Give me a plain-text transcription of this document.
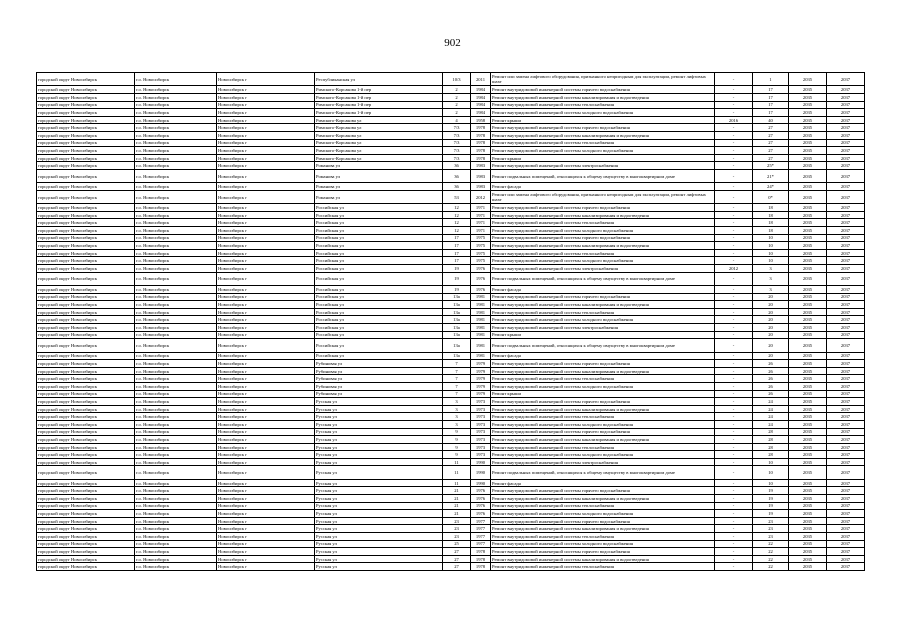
902
городской округ Новосибирск	г.о. Новосибирск	Новосибирск г	Республиканская ул	10/3	2011	Ремонт или замена лифтового оборудования, признанного непригодным для эксплуатации, ремонт лифтовых шахт	-	1	2035	2037
городской округ Новосибирск	г.о. Новосибирск	Новосибирск г	Римского-Корсакова 1-й пер	2	1984	Ремонт внутридомовой инженерной системы горячего водоснабжения	-	17	2035	2037
городской округ Новосибирск	г.о. Новосибирск	Новосибирск г	Римского-Корсакова 1-й пер	2	1984	Ремонт внутридомовой инженерной системы канализирования и водоотведения	-	17	2035	2037
городской округ Новосибирск	г.о. Новосибирск	Новосибирск г	Римского-Корсакова 1-й пер	2	1984	Ремонт внутридомовой инженерной системы теплоснабжения	-	17	2035	2037
городской округ Новосибирск	г.о. Новосибирск	Новосибирск г	Римского-Корсакова 1-й пер	2	1984	Ремонт внутридомовой инженерной системы холодного водоснабжения	-	17	2035	2037
городской округ Новосибирск	г.о. Новосибирск	Новосибирск г	Римского-Корсакова ул	4	1958	Ремонт крыши	2016	40	2035	2037
городской округ Новосибирск	г.о. Новосибирск	Новосибирск г	Римского-Корсакова ул	7/3	1978	Ремонт внутридомовой инженерной системы горячего водоснабжения	-	27	2035	2037
городской округ Новосибирск	г.о. Новосибирск	Новосибирск г	Римского-Корсакова ул	7/3	1978	Ремонт внутридомовой инженерной системы канализирования и водоотведения	-	27	2035	2037
городской округ Новосибирск	г.о. Новосибирск	Новосибирск г	Римского-Корсакова ул	7/3	1978	Ремонт внутридомовой инженерной системы теплоснабжения	-	27	2035	2037
городской округ Новосибирск	г.о. Новосибирск	Новосибирск г	Римского-Корсакова ул	7/3	1978	Ремонт внутридомовой инженерной системы холодного водоснабжения	-	27	2035	2037
городской округ Новосибирск	г.о. Новосибирск	Новосибирск г	Римского-Корсакова ул	7/3	1978	Ремонт крыши	-	27	2035	2037
городской округ Новосибирск	г.о. Новосибирск	Новосибирск г	Романова ул	36	1983	Ремонт внутридомовой инженерной системы электроснабжения	-	25*	2035	2037
городской округ Новосибирск	г.о. Новосибирск	Новосибирск г	Романова ул	36	1983	Ремонт подвальных помещений, относящихся к общему имуществу в многоквартирном доме	-	21*	2035	2037
городской округ Новосибирск	г.о. Новосибирск	Новосибирск г	Романова ул	36	1983	Ремонт фасада	-	24*	2035	2037
городской округ Новосибирск	г.о. Новосибирск	Новосибирск г	Романова ул	53	2012	Ремонт или замена лифтового оборудования, признанного непригодным для эксплуатации, ремонт лифтовых шахт	-	0*	2035	2037
городской округ Новосибирск	г.о. Новосибирск	Новосибирск г	Российская ул	12	1971	Ремонт внутридомовой инженерной системы горячего водоснабжения	-	18	2035	2037
городской округ Новосибирск	г.о. Новосибирск	Новосибирск г	Российская ул	12	1971	Ремонт внутридомовой инженерной системы канализирования и водоотведения	-	18	2035	2037
городской округ Новосибирск	г.о. Новосибирск	Новосибирск г	Российская ул	12	1971	Ремонт внутридомовой инженерной системы теплоснабжения	-	18	2035	2037
городской округ Новосибирск	г.о. Новосибирск	Новосибирск г	Российская ул	12	1971	Ремонт внутридомовой инженерной системы холодного водоснабжения	-	18	2035	2037
городской округ Новосибирск	г.о. Новосибирск	Новосибирск г	Российская ул	17	1975	Ремонт внутридомовой инженерной системы горячего водоснабжения	-	10	2035	2037
городской округ Новосибирск	г.о. Новосибирск	Новосибирск г	Российская ул	17	1975	Ремонт внутридомовой инженерной системы канализирования и водоотведения	-	10	2035	2037
городской округ Новосибирск	г.о. Новосибирск	Новосибирск г	Российская ул	17	1975	Ремонт внутридомовой инженерной системы теплоснабжения	-	10	2035	2037
городской округ Новосибирск	г.о. Новосибирск	Новосибирск г	Российская ул	17	1975	Ремонт внутридомовой инженерной системы холодного водоснабжения	-	10	2035	2037
городской округ Новосибирск	г.о. Новосибирск	Новосибирск г	Российская ул	19	1976	Ремонт внутридомовой инженерной системы электроснабжения	2012	3	2035	2037
городской округ Новосибирск	г.о. Новосибирск	Новосибирск г	Российская ул	19	1976	Ремонт подвальных помещений, относящихся к общему имуществу в многоквартирном доме	-	3	2035	2037
городской округ Новосибирск	г.о. Новосибирск	Новосибирск г	Российская ул	19	1976	Ремонт фасада	-	3	2035	2037
городской округ Новосибирск	г.о. Новосибирск	Новосибирск г	Российская ул	13а	1981	Ремонт внутридомовой инженерной системы горячего водоснабжения	-	20	2035	2037
городской округ Новосибирск	г.о. Новосибирск	Новосибирск г	Российская ул	13а	1981	Ремонт внутридомовой инженерной системы канализирования и водоотведения	-	20	2035	2037
городской округ Новосибирск	г.о. Новосибирск	Новосибирск г	Российская ул	13а	1981	Ремонт внутридомовой инженерной системы теплоснабжения	-	20	2035	2037
городской округ Новосибирск	г.о. Новосибирск	Новосибирск г	Российская ул	13а	1981	Ремонт внутридомовой инженерной системы холодного водоснабжения	-	20	2035	2037
городской округ Новосибирск	г.о. Новосибирск	Новосибирск г	Российская ул	13а	1981	Ремонт внутридомовой инженерной системы электроснабжения	-	20	2035	2037
городской округ Новосибирск	г.о. Новосибирск	Новосибирск г	Российская ул	13а	1981	Ремонт крыши	-	20	2035	2037
городской округ Новосибирск	г.о. Новосибирск	Новосибирск г	Российская ул	13а	1981	Ремонт подвальных помещений, относящихся к общему имуществу в многоквартирном доме	-	20	2035	2037
городской округ Новосибирск	г.о. Новосибирск	Новосибирск г	Российская ул	13а	1981	Ремонт фасада	-	20	2035	2037
городской округ Новосибирск	г.о. Новосибирск	Новосибирск г	Рубиновая ул	7	1979	Ремонт внутридомовой инженерной системы горячего водоснабжения	-	26	2035	2037
городской округ Новосибирск	г.о. Новосибирск	Новосибирск г	Рубиновая ул	7	1979	Ремонт внутридомовой инженерной системы канализирования и водоотведения	-	26	2035	2037
городской округ Новосибирск	г.о. Новосибирск	Новосибирск г	Рубиновая ул	7	1979	Ремонт внутридомовой инженерной системы теплоснабжения	-	26	2035	2037
городской округ Новосибирск	г.о. Новосибирск	Новосибирск г	Рубиновая ул	7	1979	Ремонт внутридомовой инженерной системы холодного водоснабжения	-	26	2035	2037
городской округ Новосибирск	г.о. Новосибирск	Новосибирск г	Рубиновая ул	7	1979	Ремонт крыши	-	26	2035	2037
городской округ Новосибирск	г.о. Новосибирск	Новосибирск г	Русская ул	3	1973	Ремонт внутридомовой инженерной системы горячего водоснабжения	-	24	2035	2037
городской округ Новосибирск	г.о. Новосибирск	Новосибирск г	Русская ул	3	1973	Ремонт внутридомовой инженерной системы канализирования и водоотведения	-	24	2035	2037
городской округ Новосибирск	г.о. Новосибирск	Новосибирск г	Русская ул	3	1973	Ремонт внутридомовой инженерной системы теплоснабжения	-	24	2035	2037
городской округ Новосибирск	г.о. Новосибирск	Новосибирск г	Русская ул	3	1973	Ремонт внутридомовой инженерной системы холодного водоснабжения	-	24	2035	2037
городской округ Новосибирск	г.о. Новосибирск	Новосибирск г	Русская ул	9	1973	Ремонт внутридомовой инженерной системы горячего водоснабжения	-	28	2035	2037
городской округ Новосибирск	г.о. Новосибирск	Новосибирск г	Русская ул	9	1973	Ремонт внутридомовой инженерной системы канализирования и водоотведения	-	28	2035	2037
городской округ Новосибирск	г.о. Новосибирск	Новосибирск г	Русская ул	9	1973	Ремонт внутридомовой инженерной системы теплоснабжения	-	28	2035	2037
городской округ Новосибирск	г.о. Новосибирск	Новосибирск г	Русская ул	9	1973	Ремонт внутридомовой инженерной системы холодного водоснабжения	-	28	2035	2037
городской округ Новосибирск	г.о. Новосибирск	Новосибирск г	Русская ул	11	1990	Ремонт внутридомовой инженерной системы электроснабжения	-	10	2035	2037
городской округ Новосибирск	г.о. Новосибирск	Новосибирск г	Русская ул	11	1990	Ремонт подвальных помещений, относящихся к общему имуществу в многоквартирном доме	-	10	2035	2037
городской округ Новосибирск	г.о. Новосибирск	Новосибирск г	Русская ул	11	1990	Ремонт фасада	-	10	2035	2037
городской округ Новосибирск	г.о. Новосибирск	Новосибирск г	Русская ул	21	1976	Ремонт внутридомовой инженерной системы горячего водоснабжения	-	19	2035	2037
городской округ Новосибирск	г.о. Новосибирск	Новосибирск г	Русская ул	21	1976	Ремонт внутридомовой инженерной системы канализирования и водоотведения	-	19	2035	2037
городской округ Новосибирск	г.о. Новосибирск	Новосибирск г	Русская ул	21	1976	Ремонт внутридомовой инженерной системы теплоснабжения	-	19	2035	2037
городской округ Новосибирск	г.о. Новосибирск	Новосибирск г	Русская ул	21	1976	Ремонт внутридомовой инженерной системы холодного водоснабжения	-	19	2035	2037
городской округ Новосибирск	г.о. Новосибирск	Новосибирск г	Русская ул	23	1977	Ремонт внутридомовой инженерной системы горячего водоснабжения	-	23	2035	2037
городской округ Новосибирск	г.о. Новосибирск	Новосибирск г	Русская ул	23	1977	Ремонт внутридомовой инженерной системы канализирования и водоотведения	-	23	2035	2037
городской округ Новосибирск	г.о. Новосибирск	Новосибирск г	Русская ул	23	1977	Ремонт внутридомовой инженерной системы теплоснабжения	-	23	2035	2037
городской округ Новосибирск	г.о. Новосибирск	Новосибирск г	Русская ул	25	1977	Ремонт внутридомовой инженерной системы холодного водоснабжения	-	22	2035	2037
городской округ Новосибирск	г.о. Новосибирск	Новосибирск г	Русская ул	27	1978	Ремонт внутридомовой инженерной системы горячего водоснабжения	-	22	2035	2037
городской округ Новосибирск	г.о. Новосибирск	Новосибирск г	Русская ул	27	1978	Ремонт внутридомовой инженерной системы канализирования и водоотведения	-	22	2035	2037
городской округ Новосибирск	г.о. Новосибирск	Новосибирск г	Русская ул	27	1978	Ремонт внутридомовой инженерной системы теплоснабжения	-	22	2035	2037
